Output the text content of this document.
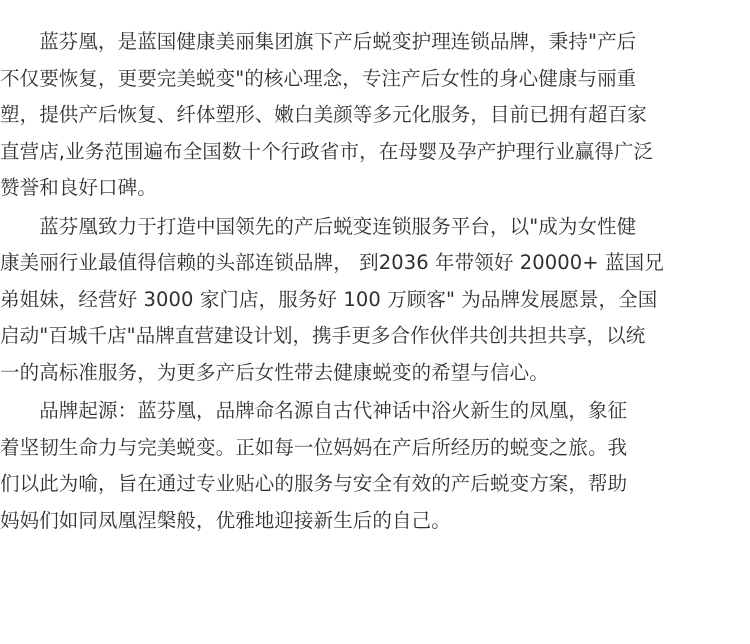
　　蓝芬凰，是蓝国健康美丽集团旗下产后蜕变护理连锁品牌，秉持"产后
不仅要恢复，更要完美蜕变"的核心理念，专注产后女性的身心健康与丽重
塑，提供产后恢复、纤体塑形、嫩白美颜等多元化服务，目前已拥有超百家
直营店,业务范围遍布全国数十个行政省市，在母婴及孕产护理行业赢得广泛
赞誉和良好口碑。

　　蓝芬凰致力于打造中国领先的产后蜕变连锁服务平台，以"成为女性健
康美丽行业最值得信赖的头部连锁品牌， 到2036 年带领好 20000+ 蓝国兄
弟姐妹，经营好 3000 家门店，服务好 100 万顾客" 为品牌发展愿景，全国
启动"百城千店"品牌直营建设计划，携手更多合作伙伴共创共担共享，以统
一的高标准服务，为更多产后女性带去健康蜕变的希望与信心。

　　品牌起源：蓝芬凰，品牌命名源自古代神话中浴火新生的凤凰，象征
着坚韧生命力与完美蜕变。正如每一位妈妈在产后所经历的蜕变之旅。我
们以此为喻，旨在通过专业贴心的服务与安全有效的产后蜕变方案，帮助
妈妈们如同凤凰涅槃般，优雅地迎接新生后的自己。
